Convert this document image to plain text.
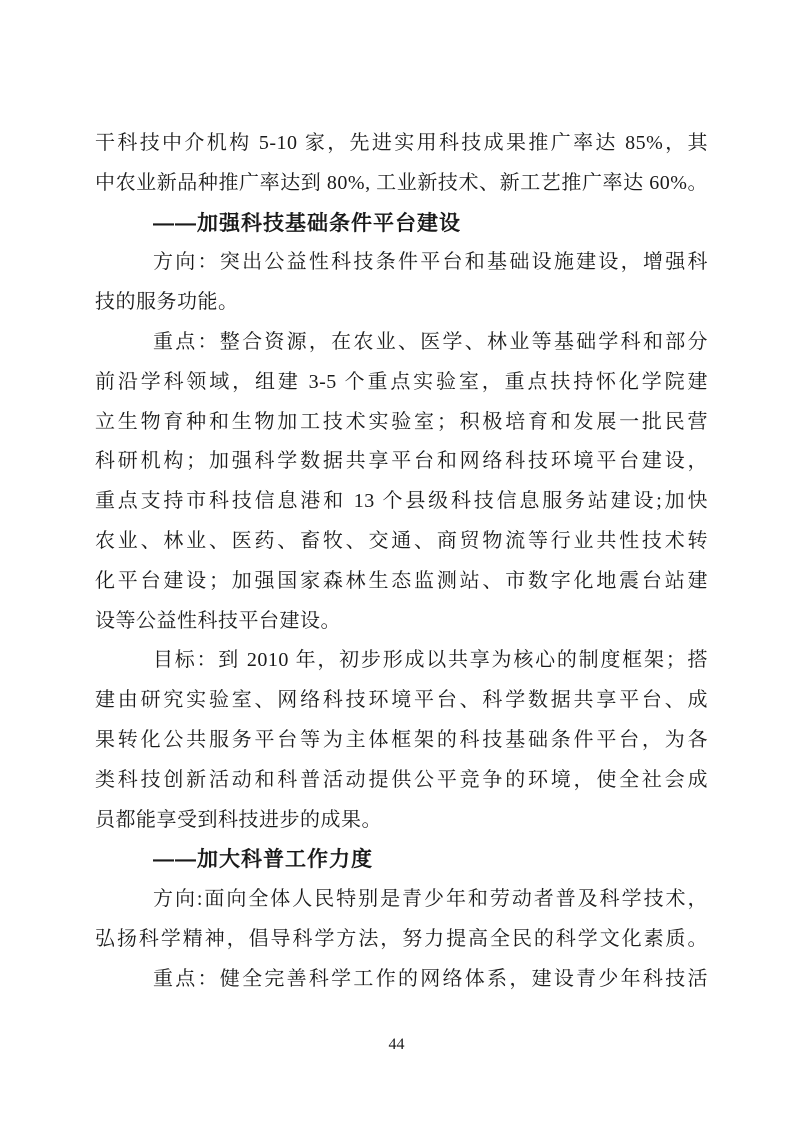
干科技中介机构 5-10 家，先进实用科技成果推广率达 85%，其
中农业新品种推广率达到 80%, 工业新技术、新工艺推广率达 60%。
——加强科技基础条件平台建设
方向：突出公益性科技条件平台和基础设施建设，增强科
技的服务功能。
重点：整合资源，在农业、医学、林业等基础学科和部分
前沿学科领域，组建 3-5 个重点实验室，重点扶持怀化学院建
立生物育种和生物加工技术实验室；积极培育和发展一批民营
科研机构；加强科学数据共享平台和网络科技环境平台建设，
重点支持市科技信息港和 13 个县级科技信息服务站建设;加快
农业、林业、医药、畜牧、交通、商贸物流等行业共性技术转
化平台建设；加强国家森林生态监测站、市数字化地震台站建
设等公益性科技平台建设。
目标：到 2010 年，初步形成以共享为核心的制度框架；搭
建由研究实验室、网络科技环境平台、科学数据共享平台、成
果转化公共服务平台等为主体框架的科技基础条件平台，为各
类科技创新活动和科普活动提供公平竞争的环境，使全社会成
员都能享受到科技进步的成果。
——加大科普工作力度
方向:面向全体人民特别是青少年和劳动者普及科学技术，
弘扬科学精神，倡导科学方法，努力提高全民的科学文化素质。
重点：健全完善科学工作的网络体系，建设青少年科技活
44
